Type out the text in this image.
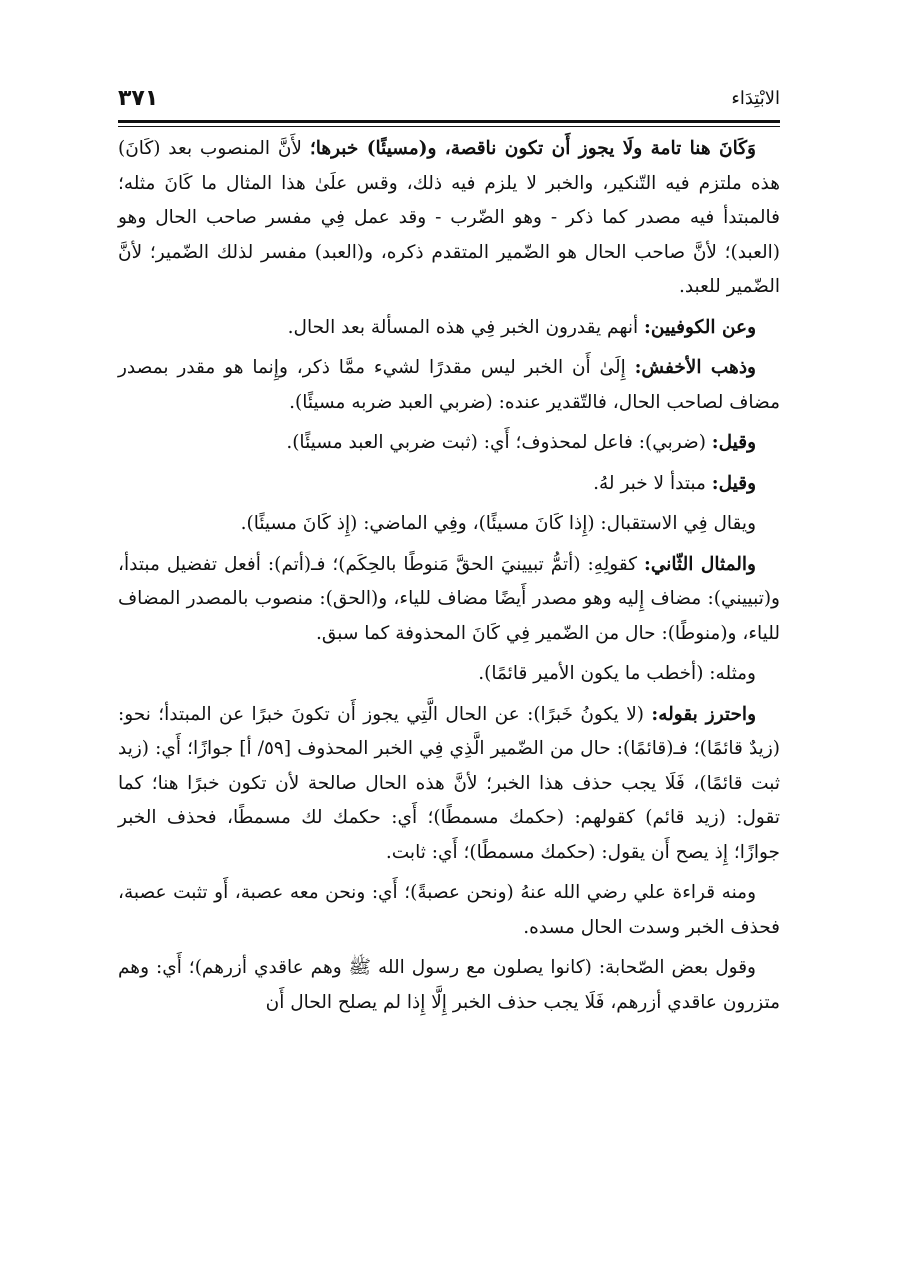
٣٧١	الابْتِدَاء

وَكَانَ هنا تامة ولَا يجوز أَن تكون ناقصة، و(مسيئًا) خبرها؛ لأَنَّ المنصوب بعد (كَانَ) هذه ملتزم فيه التّنكير، والخبر لا يلزم فيه ذلك، وقس علَىٰ هذا المثال ما كَانَ مثله؛ فالمبتدأ فيه مصدر كما ذكر - وهو الضّرب - وقد عمل فِي مفسر صاحب الحال وهو (العبد)؛ لأنَّ صاحب الحال هو الضّمير المتقدم ذكره، و(العبد) مفسر لذلك الضّمير؛ لأنَّ الضّمير للعبد.

وعن الكوفيين: أنهم يقدرون الخبر فِي هذه المسألة بعد الحال.

وذهب الأخفش: إِلَىٰ أَن الخبر ليس مقدرًا لشيء ممَّا ذكر، وإِنما هو مقدر بمصدر مضاف لصاحب الحال، فالتّقدير عنده: (ضربي العبد ضربه مسيئًا).

وقيل: (ضربي): فاعل لمحذوف؛ أَي: (ثبت ضربي العبد مسيئًا).

وقيل: مبتدأ لا خبر لهُ.

ويقال فِي الاستقبال: (إِذا كَانَ مسيئًا)، وفِي الماضي: (إِذ كَانَ مسيئًا).

والمثال الثّاني: كقولِهِ: (أتمُّ تبيينيَ الحقَّ مَنوطًا بالحِكَم)؛ فـ(أتم): أفعل تفضيل مبتدأ، و(تبييني): مضاف إِليه وهو مصدر أَيضًا مضاف للياء، و(الحق): منصوب بالمصدر المضاف للياء، و(منوطًا): حال من الضّمير فِي كَانَ المحذوفة كما سبق.

ومثله: (أخطب ما يكون الأمير قائمًا).

واحترز بقوله: (لا يكونُ خَبرًا): عن الحال الَّتِي يجوز أَن تكونَ خبرًا عن المبتدأ؛ نحو: (زيدٌ قائمًا)؛ فـ(قائمًا): حال من الضّمير الَّذِي فِي الخبر المحذوف [٥٩/ أ] جوازًا؛ أَي: (زيد ثبت قائمًا)، فَلَا يجب حذف هذا الخبر؛ لأنَّ هذه الحال صالحة لأن تكون خبرًا هنا؛ كما تقول: (زيد قائم) كقولهم: (حكمك مسمطًا)؛ أَي: حكمك لك مسمطًا، فحذف الخبر جوازًا؛ إِذ يصح أَن يقول: (حكمك مسمطًا)؛ أَي: ثابت.

ومنه قراءة علي رضي الله عنهُ (ونحن عصبةً)؛ أَي: ونحن معه عصبة، أَو تثبت عصبة، فحذف الخبر وسدت الحال مسده.

وقول بعض الصّحابة: (كانوا يصلون مع رسول الله ﷺ وهم عاقدي أزرهم)؛ أَي: وهم متزرون عاقدي أزرهم، فَلَا يجب حذف الخبر إِلَّا إِذا لم يصلح الحال أَن
